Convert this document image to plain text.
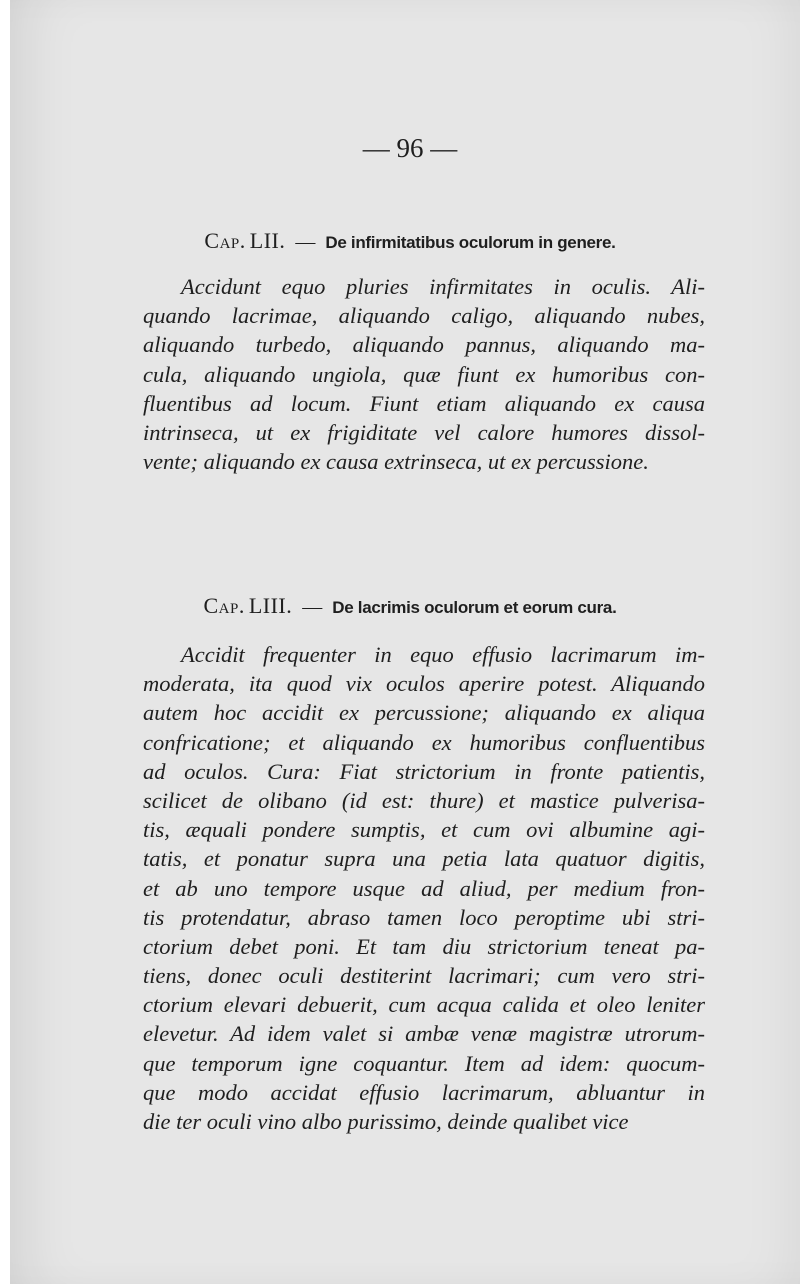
— 96 —
Cap. LII. — De infirmitatibus oculorum in genere.
Accidunt equo pluries infirmitates in oculis. Ali-
quando lacrimae, aliquando caligo, aliquando nubes,
aliquando turbedo, aliquando pannus, aliquando ma-
cula, aliquando ungiola, quæ fiunt ex humoribus con-
fluentibus ad locum. Fiunt etiam aliquando ex causa
intrinseca, ut ex frigiditate vel calore humores dissol-
vente; aliquando ex causa extrinseca, ut ex percussione.
Cap. LIII. — De lacrimis oculorum et eorum cura.
Accidit frequenter in equo effusio lacrimarum im-
moderata, ita quod vix oculos aperire potest. Aliquando
autem hoc accidit ex percussione; aliquando ex aliqua
confricatione; et aliquando ex humoribus confluentibus
ad oculos. Cura: Fiat strictorium in fronte patientis,
scilicet de olibano (id est: thure) et mastice pulverisa-
tis, æquali pondere sumptis, et cum ovi albumine agi-
tatis, et ponatur supra una petia lata quatuor digitis,
et ab uno tempore usque ad aliud, per medium fron-
tis protendatur, abraso tamen loco peroptime ubi stri-
ctorium debet poni. Et tam diu strictorium teneat pa-
tiens, donec oculi destiterint lacrimari; cum vero stri-
ctorium elevari debuerit, cum acqua calida et oleo leniter
elevetur. Ad idem valet si ambæ venæ magistræ utrorum-
que temporum igne coquantur. Item ad idem: quocum-
que modo accidat effusio lacrimarum, abluantur in
die ter oculi vino albo purissimo, deinde qualibet vice
